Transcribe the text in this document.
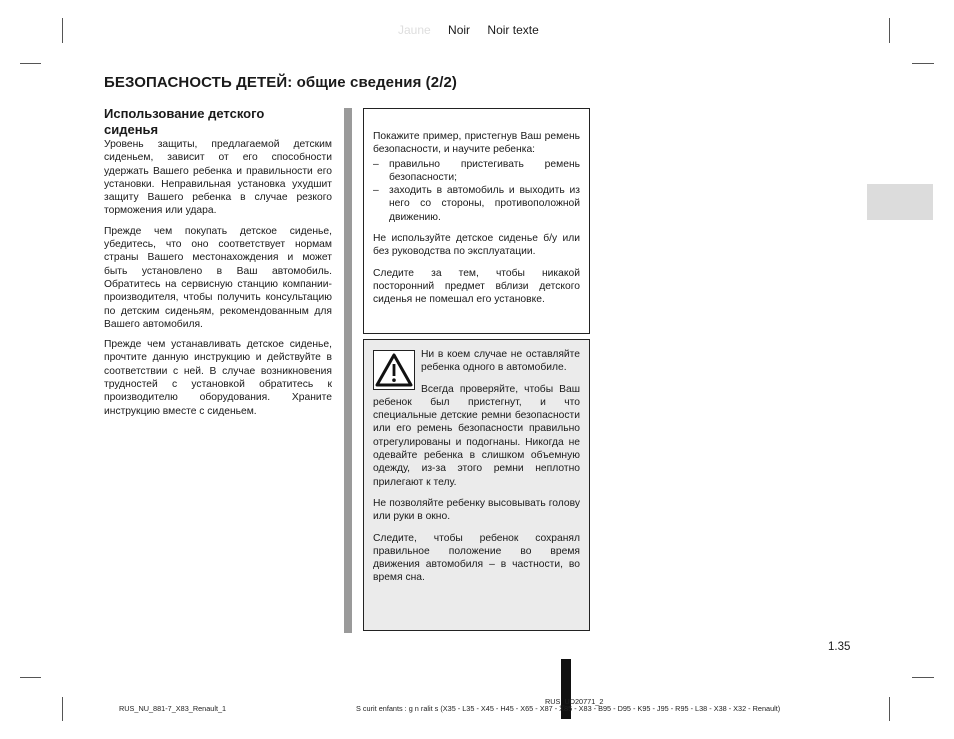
Jaune Noir Noir texte
БЕЗОПАСНОСТЬ ДЕТЕЙ: общие сведения (2/2)
Использование детского
сиденья

Уровень защиты, предлагаемой детским сиденьем, зависит от его способности удержать Вашего ребенка и правильности его установки. Неправильная установка ухудшит защиту Вашего ребенка в случае резкого торможения или удара.

Прежде чем покупать детское сиденье, убедитесь, что оно соответствует нормам страны Вашего местонахождения и может быть установлено в Ваш автомобиль. Обратитесь на сервисную станцию компании-производителя, чтобы получить консультацию по детским сиденьям, рекомендованным для Вашего автомобиля.

Прежде чем устанавливать детское сиденье, прочтите данную инструкцию и действуйте в соответствии с ней. В случае возникновения трудностей с установкой обратитесь к производителю оборудования. Храните инструкцию вместе с сиденьем.

Покажите пример, пристегнув Ваш ремень безопасности, и научите ребенка:

– правильно пристегивать ремень безопасности;
– заходить в автомобиль и выходить из него со стороны, противоположной движению.

Не используйте детское сиденье б/у или без руководства по эксплуатации.

Следите за тем, чтобы никакой посторонний предмет вблизи детского сиденья не помешал его установке.

Ни в коем случае не оставляйте ребенка одного в автомобиле.

Всегда проверяйте, чтобы Ваш ребенок был пристегнут, и что специальные детские ремни безопасности или его ремень безопасности правильно отрегулированы и подогнаны. Никогда не одевайте ребенка в слишком объемную одежду, из-за этого ремни неплотно прилегают к телу.

Не позволяйте ребенку высовывать голову или руки в окно.

Следите, чтобы ребенок сохранял правильное положение во время движения автомобиля – в частности, во время сна.

1.35
RUS_NU_881-7_X83_Renault_1
RUS_UD20771_2
S curit enfants : g n ralit s (X35 - L35 - X45 - H45 - X65 - X87 - X85 - X83 - B95 - D95 - K95 - J95 - R95 - L38 - X38 - X32 - Renault)
